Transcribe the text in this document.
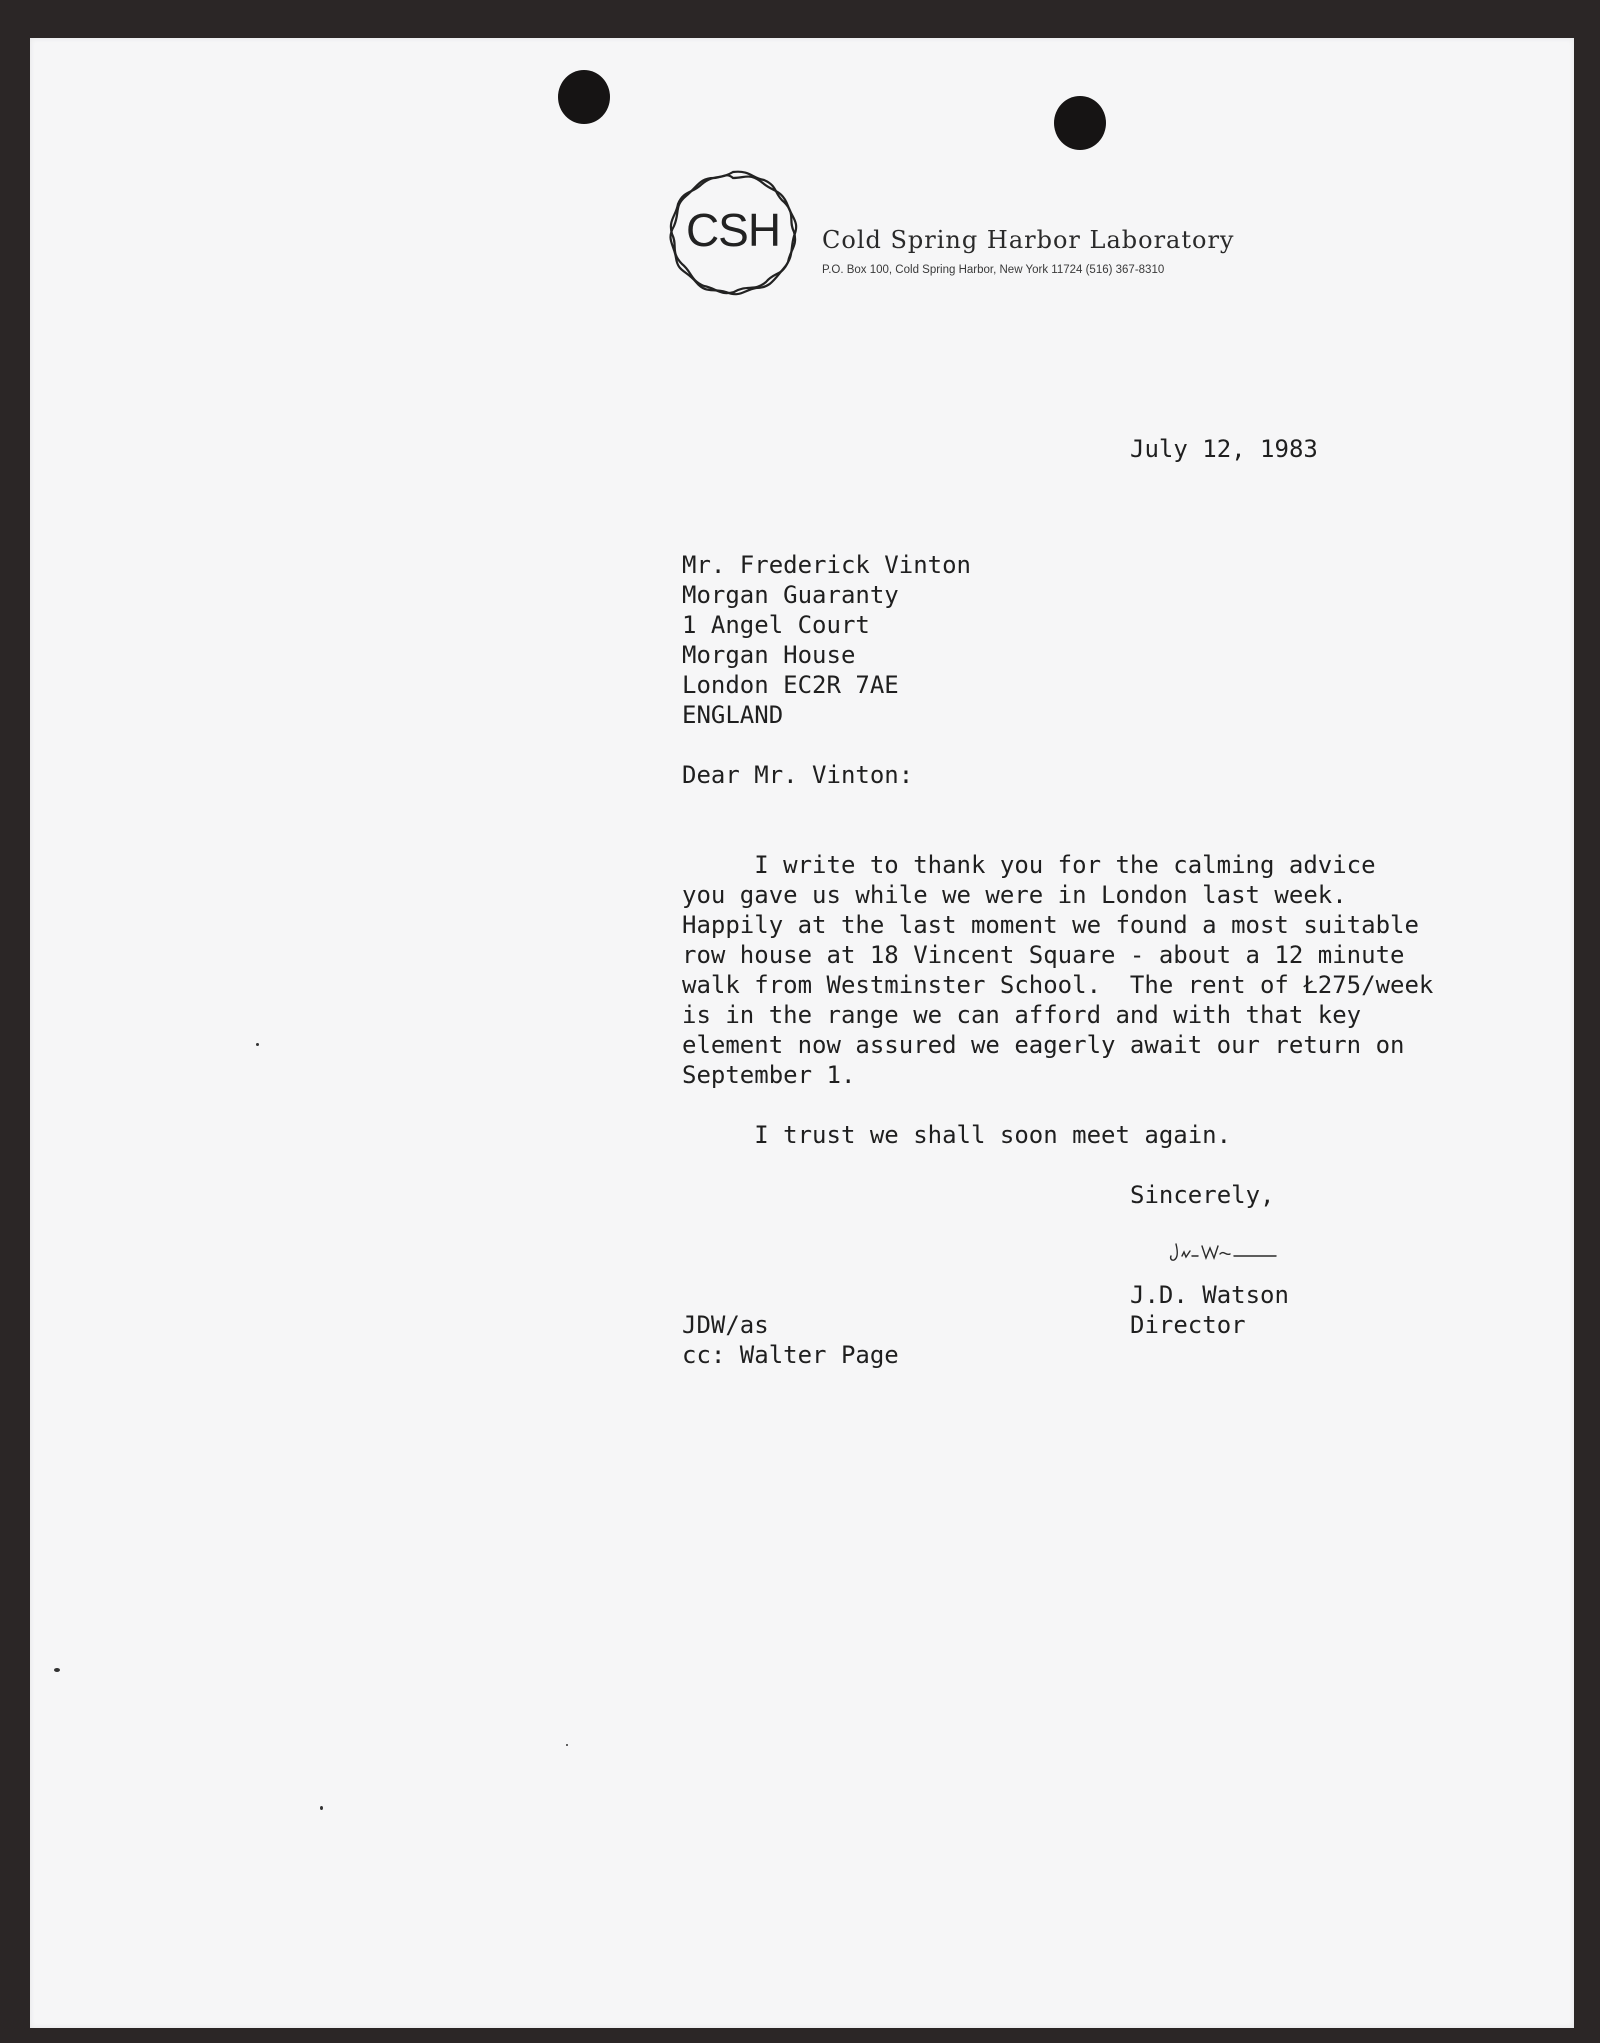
CSH Cold Spring Harbor Laboratory
P.O. Box 100, Cold Spring Harbor, New York 11724 (516) 367-8310
July 12, 1983
Mr. Frederick Vinton
Morgan Guaranty
1 Angel Court
Morgan House
London EC2R 7AE
ENGLAND
Dear Mr. Vinton:
I write to thank you for the calming advice
you gave us while we were in London last week.
Happily at the last moment we found a most suitable
row house at 18 Vincent Square - about a 12 minute
walk from Westminster School.  The rent of Ł275/week
is in the range we can afford and with that key
element now assured we eagerly await our return on
September 1.
I trust we shall soon meet again.
Sincerely,
J.D. Watson
Director
JDW/as
cc: Walter Page
